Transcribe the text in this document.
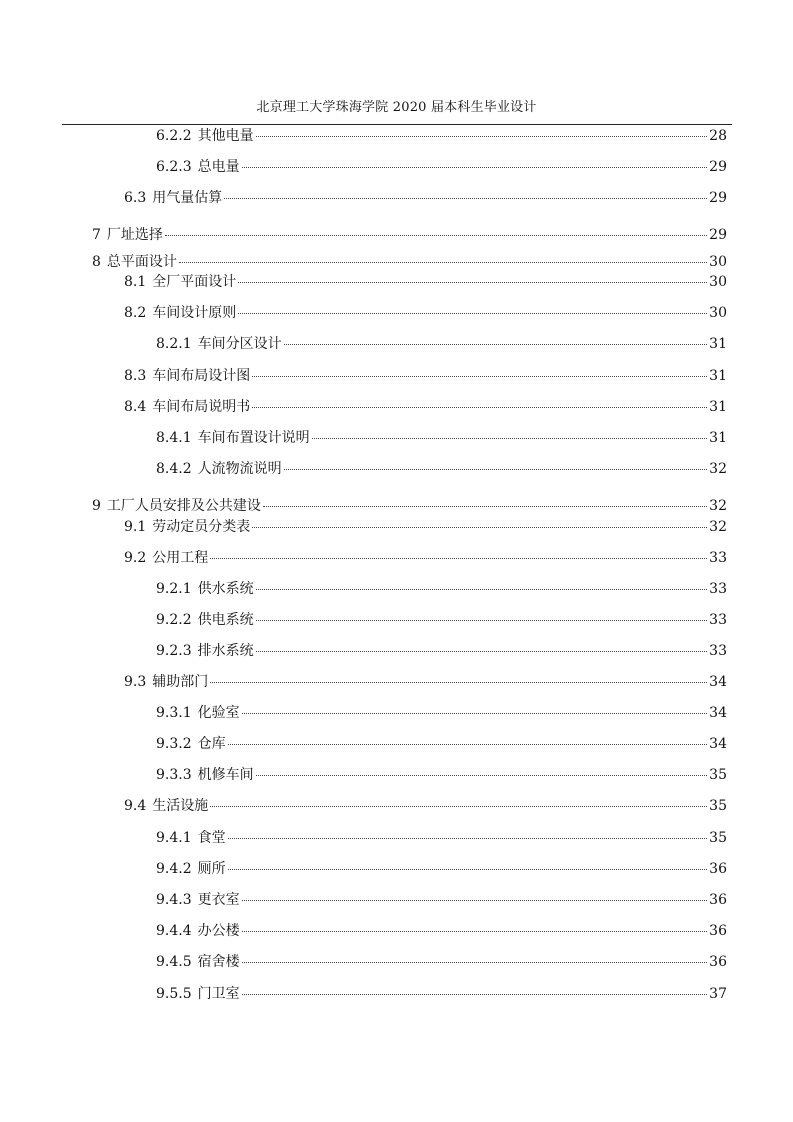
北京理工大学珠海学院 2020 届本科生毕业设计
6.2.2 其他电量	28
6.2.3 总电量	29
6.3 用气量估算	29
7 厂址选择	29
8 总平面设计	30
8.1 全厂平面设计	30
8.2 车间设计原则	30
8.2.1 车间分区设计	31
8.3 车间布局设计图	31
8.4 车间布局说明书	31
8.4.1 车间布置设计说明	31
8.4.2 人流物流说明	32
9 工厂人员安排及公共建设	32
9.1 劳动定员分类表	32
9.2 公用工程	33
9.2.1 供水系统	33
9.2.2 供电系统	33
9.2.3 排水系统	33
9.3 辅助部门	34
9.3.1 化验室	34
9.3.2 仓库	34
9.3.3 机修车间	35
9.4 生活设施	35
9.4.1 食堂	35
9.4.2 厕所	36
9.4.3 更衣室	36
9.4.4 办公楼	36
9.4.5 宿舍楼	36
9.5.5 门卫室	37
